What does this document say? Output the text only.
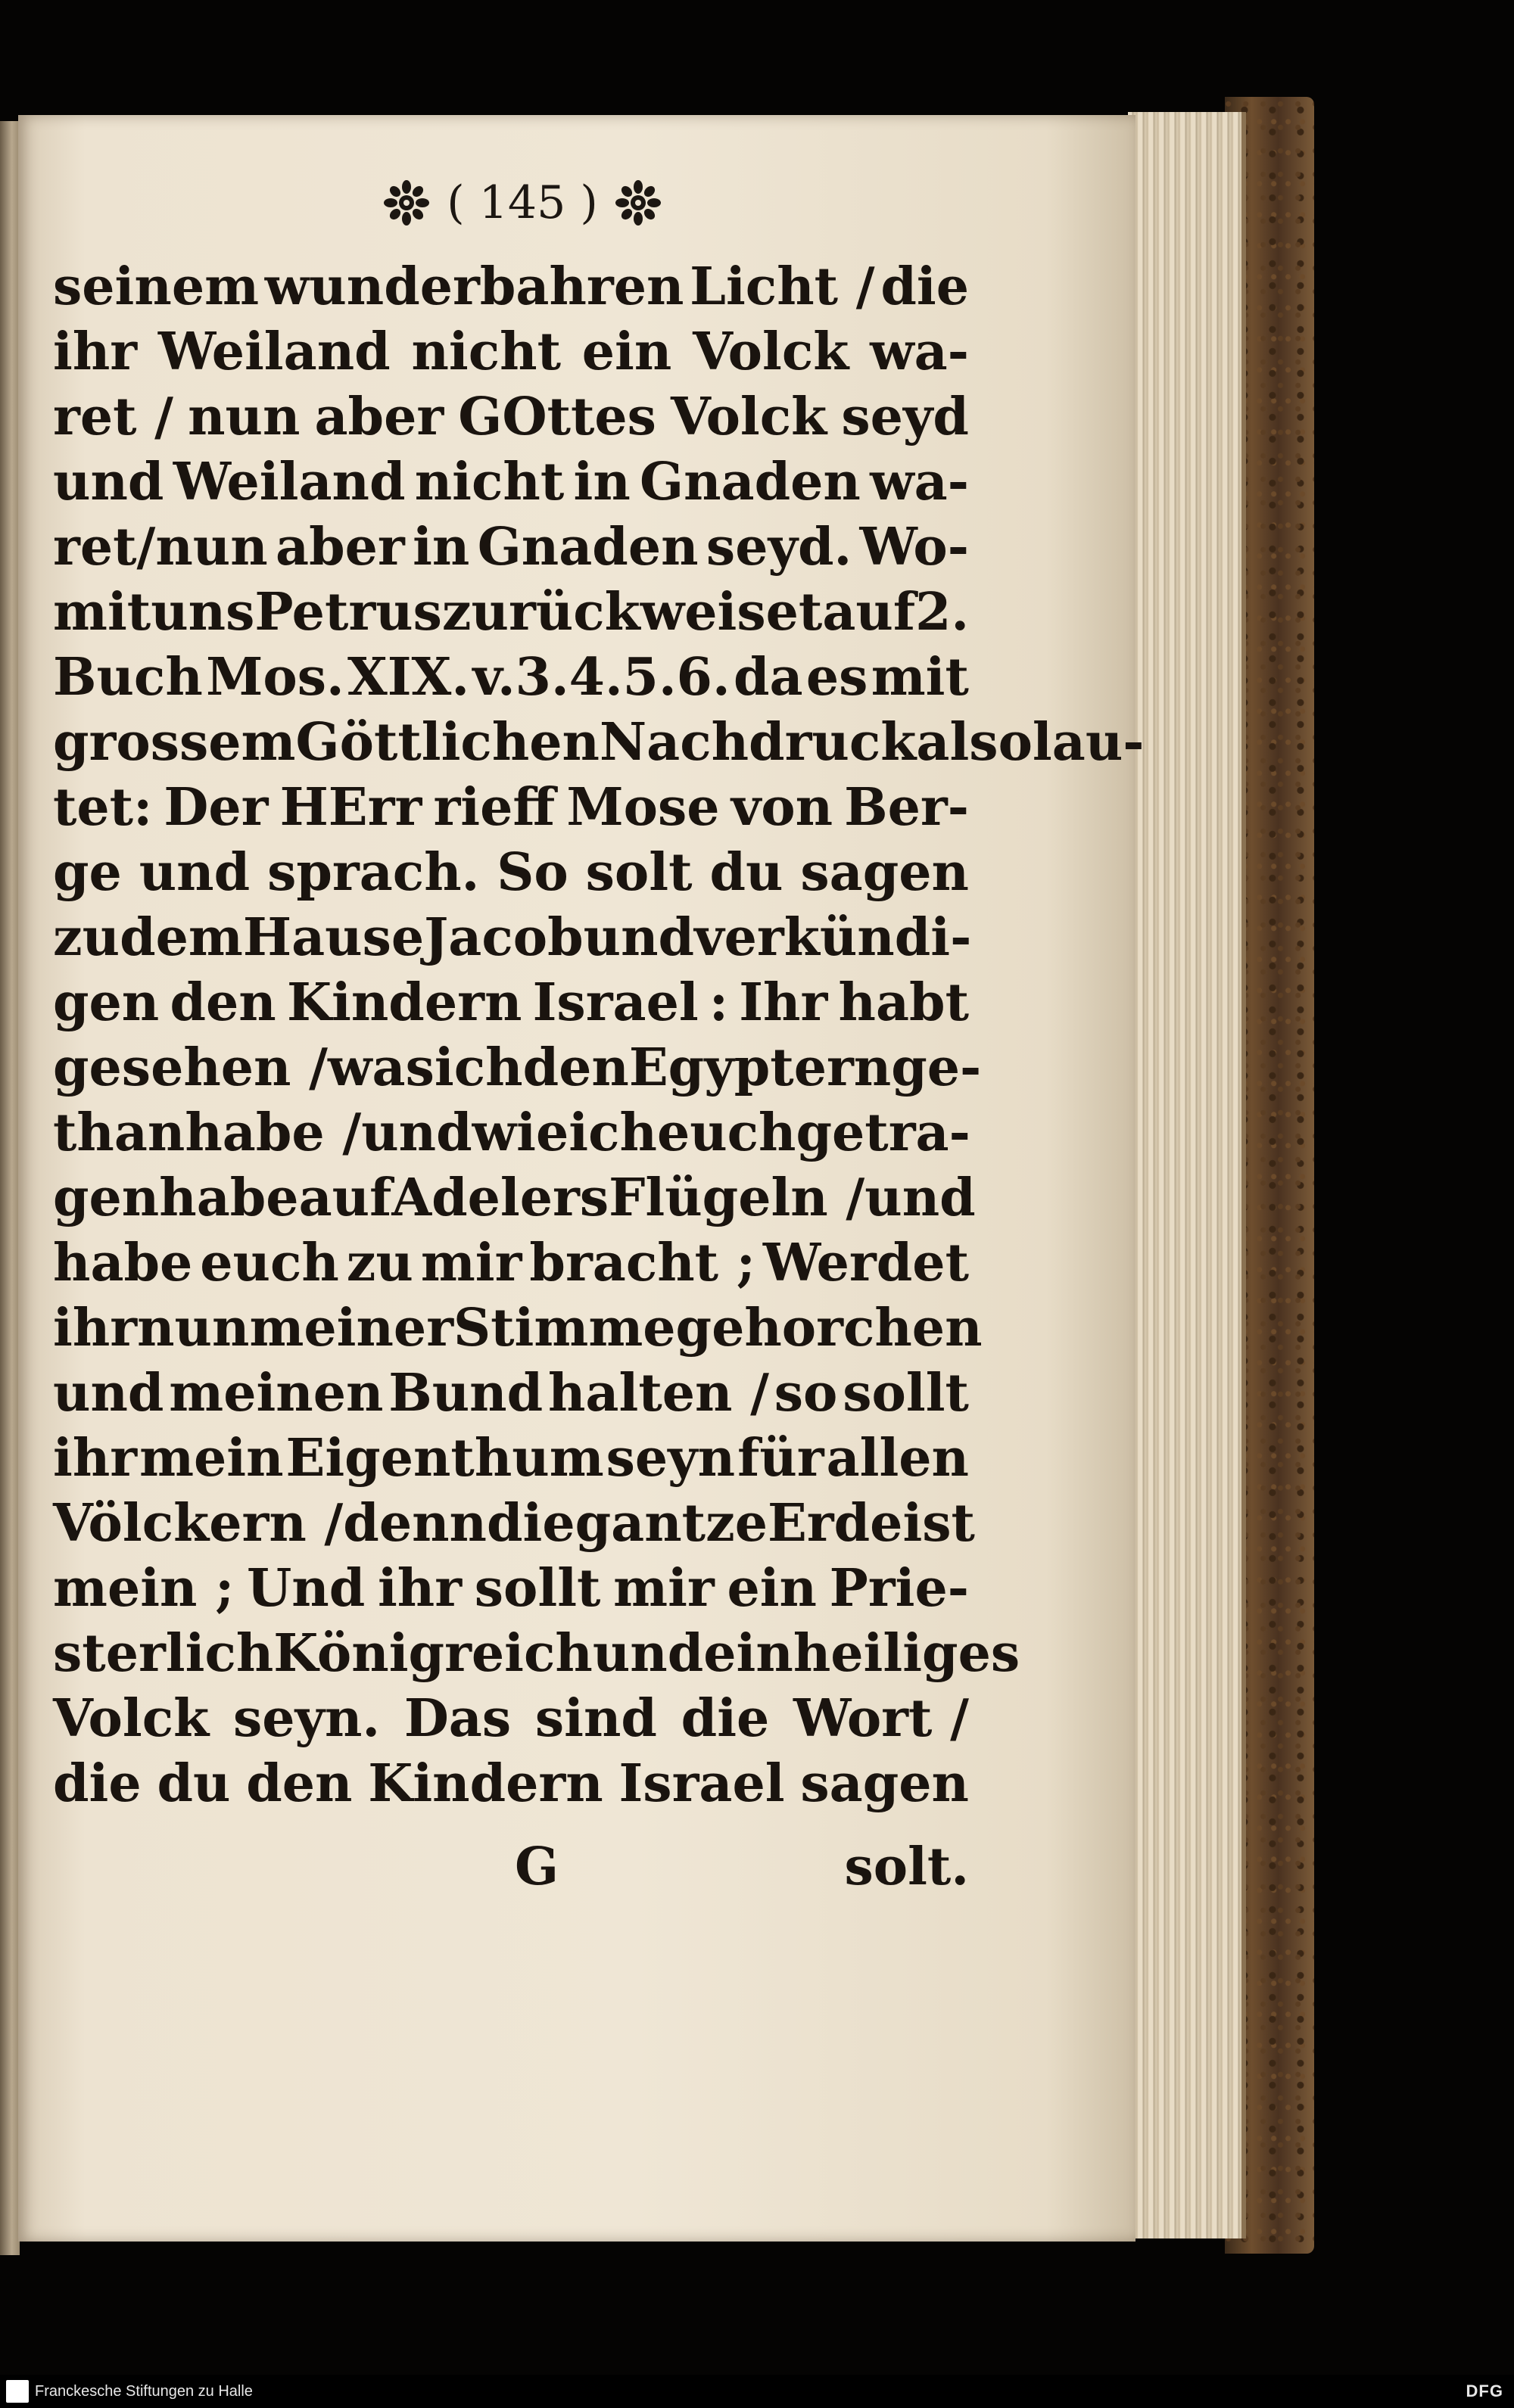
( 145 )
seinem wunderbahren Licht / die
ihr Weiland nicht ein Volck wa-
ret / nun aber GOttes Volck seyd
und Weiland nicht in Gnaden wa-
ret/nun aber in Gnaden seyd. Wo-
mit uns Petrus zurück weiset auf 2.
Buch Mos. XIX. v.3.4.5.6. da es mit
grossem Göttlichen Nachdruck also lau-
tet: Der HErr rieff Mose von Ber-
ge und sprach. So solt du sagen
zu dem Hause Jacob und verkündi-
gen den Kindern Israel : Ihr habt
gesehen / was ich den Egyptern ge-
than habe / und wie ich euch getra-
gen habe auf Adelers Flügeln / und
habe euch zu mir bracht ; Werdet
ihr nun meiner Stimme gehorchen
und meinen Bund halten / so sollt
ihr mein Eigenthum seyn für allen
Völckern / denn die gantze Erde ist
mein ; Und ihr sollt mir ein Prie-
sterlich Königreich und ein heiliges
Volck seyn. Das sind die Wort /
die du den Kindern Israel sagen
G	solt.
Franckesche Stiftungen zu Halle	DFG
